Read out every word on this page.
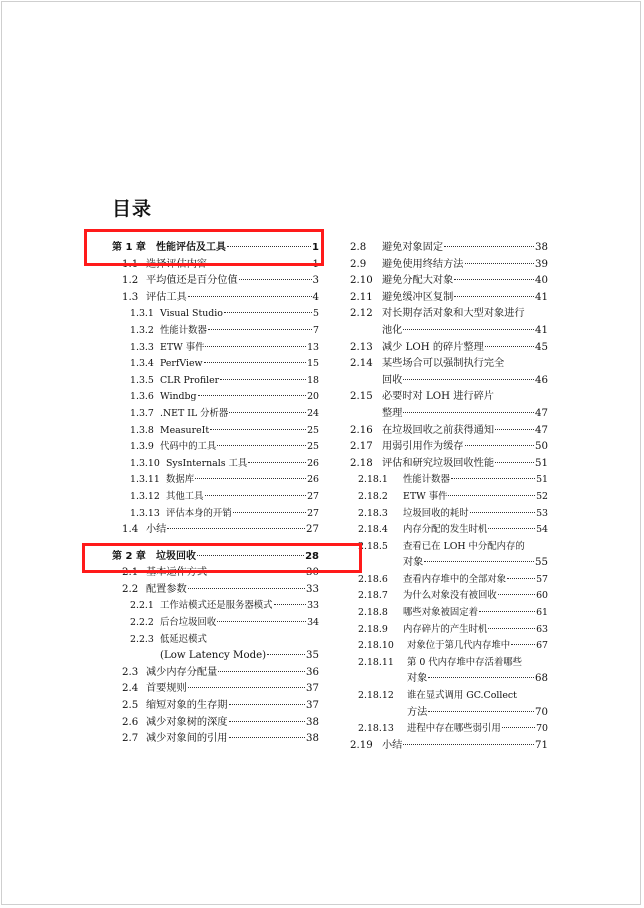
目录
第 1 章	性能评估及工具	1
1.1 选择评估内容	1
1.2 平均值还是百分位值	3
1.3 评估工具	4
1.3.1 Visual Studio	5
1.3.2 性能计数器	7
1.3.3 ETW 事件	13
1.3.4 PerfView	15
1.3.5 CLR Profiler	18
1.3.6 Windbg	20
1.3.7 .NET IL 分析器	24
1.3.8 MeasureIt	25
1.3.9 代码中的工具	25
1.3.10 SysInternals 工具	26
1.3.11 数据库	26
1.3.12 其他工具	27
1.3.13 评估本身的开销	27
1.4 小结	27
第 2 章	垃圾回收	28
2.1 基本运作方式	30
2.2 配置参数	33
2.2.1 工作站模式还是服务器模式	33
2.2.2 后台垃圾回收	34
2.2.3 低延迟模式
(Low Latency Mode)	35
2.3 减少内存分配量	36
2.4 首要规则	37
2.5 缩短对象的生存期	37
2.6 减少对象树的深度	38
2.7 减少对象间的引用	38
2.8	避免对象固定	38
2.9	避免使用终结方法	39
2.10 避免分配大对象	40
2.11 避免缓冲区复制	41
2.12 对长期存活对象和大型对象进行
池化	41
2.13 减少 LOH 的碎片整理	45
2.14 某些场合可以强制执行完全
回收	46
2.15 必要时对 LOH 进行碎片
整理	47
2.16 在垃圾回收之前获得通知	47
2.17 用弱引用作为缓存	50
2.18 评估和研究垃圾回收性能	51
2.18.1	性能计数器	51
2.18.2	ETW 事件	52
2.18.3	垃圾回收的耗时	53
2.18.4	内存分配的发生时机	54
2.18.5	查看已在 LOH 中分配内存的
对象	55
2.18.6	查看内存堆中的全部对象	57
2.18.7	为什么对象没有被回收	60
2.18.8	哪些对象被固定着	61
2.18.9	内存碎片的产生时机	63
2.18.10	对象位于第几代内存堆中	67
2.18.11	第 0 代内存堆中存活着哪些
对象	68
2.18.12	谁在显式调用 GC.Collect
方法	70
2.18.13	进程中存在哪些弱引用	70
2.19 小结	71
